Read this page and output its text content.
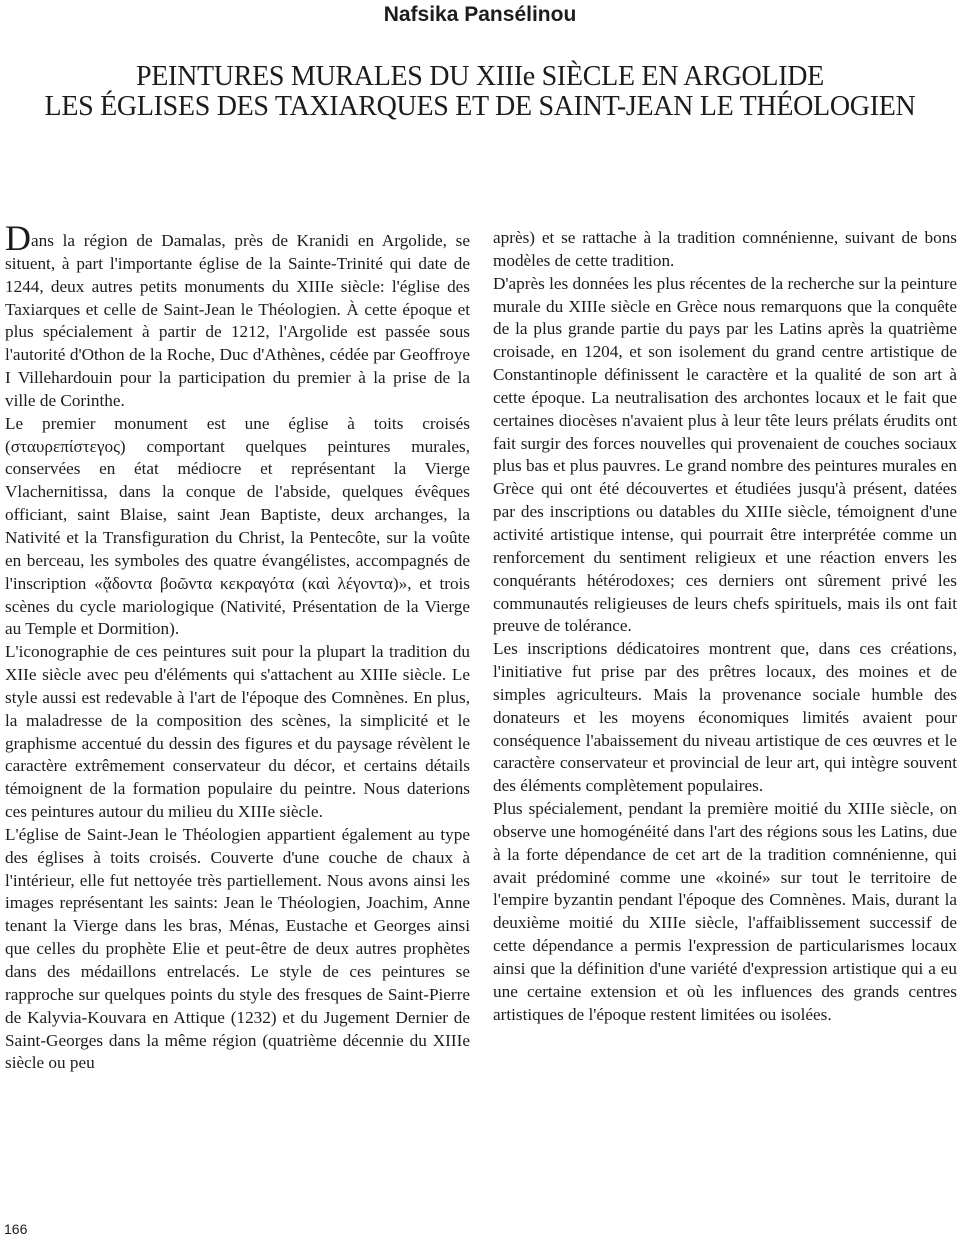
Nafsika Pansélinou
PEINTURES MURALES DU XIIIe SIÈCLE EN ARGOLIDE
LES ÉGLISES DES TAXIARQUES ET DE SAINT-JEAN LE THÉOLOGIEN

Dans la région de Damalas, près de Kranidi en Argolide, se situent, à part l'importante église de la Sainte-Trinité qui date de 1244, deux autres petits monuments du XIIIe siècle: l'église des Taxiarques et celle de Saint-Jean le Théologien. À cette époque et plus spécialement à partir de 1212, l'Argolide est passée sous l'autorité d'Othon de la Roche, Duc d'Athènes, cédée par Geoffroye I Villehardouin pour la participation du premier à la prise de la ville de Corinthe.

Le premier monument est une église à toits croisés (σταυρεπίστεγος) comportant quelques peintures murales, conservées en état médiocre et représentant la Vierge Vlachernitissa, dans la conque de l'abside, quelques évêques officiant, saint Blaise, saint Jean Baptiste, deux archanges, la Nativité et la Transfiguration du Christ, la Pentecôte, sur la voûte en berceau, les symboles des quatre évangélistes, accompagnés de l'inscription «ᾄδοντα βοῶντα κεκραγότα (καὶ λέγοντα)», et trois scènes du cycle mariologique (Nativité, Présentation de la Vierge au Temple et Dormition).

L'iconographie de ces peintures suit pour la plupart la tradition du XIIe siècle avec peu d'éléments qui s'attachent au XIIIe siècle. Le style aussi est redevable à l'art de l'époque des Comnènes. En plus, la maladresse de la composition des scènes, la simplicité et le graphisme accentué du dessin des figures et du paysage révèlent le caractère extrêmement conservateur du décor, et certains détails témoignent de la formation populaire du peintre. Nous daterions ces peintures autour du milieu du XIIIe siècle.

L'église de Saint-Jean le Théologien appartient également au type des églises à toits croisés. Couverte d'une couche de chaux à l'intérieur, elle fut nettoyée très partiellement. Nous avons ainsi les images représentant les saints: Jean le Théologien, Joachim, Anne tenant la Vierge dans les bras, Ménas, Eustache et Georges ainsi que celles du prophète Elie et peut-être de deux autres prophètes dans des médaillons entrelacés. Le style de ces peintures se rapproche sur quelques points du style des fresques de Saint-Pierre de Kalyvia-Kouvara en Attique (1232) et du Jugement Dernier de Saint-Georges dans la même région (quatrième décennie du XIIIe siècle ou peu

après) et se rattache à la tradition comnénienne, suivant de bons modèles de cette tradition.

D'après les données les plus récentes de la recherche sur la peinture murale du XIIIe siècle en Grèce nous remarquons que la conquête de la plus grande partie du pays par les Latins après la quatrième croisade, en 1204, et son isolement du grand centre artistique de Constantinople définissent le caractère et la qualité de son art à cette époque. La neutralisation des archontes locaux et le fait que certaines diocèses n'avaient plus à leur tête leurs prélats érudits ont fait surgir des forces nouvelles qui provenaient de couches sociaux plus bas et plus pauvres. Le grand nombre des peintures murales en Grèce qui ont été découvertes et étudiées jusqu'à présent, datées par des inscriptions ou datables du XIIIe siècle, témoignent d'une activité artistique intense, qui pourrait être interprétée comme un renforcement du sentiment religieux et une réaction envers les conquérants hétérodoxes; ces derniers ont sûrement privé les communautés religieuses de leurs chefs spirituels, mais ils ont fait preuve de tolérance.

Les inscriptions dédicatoires montrent que, dans ces créations, l'initiative fut prise par des prêtres locaux, des moines et de simples agriculteurs. Mais la provenance sociale humble des donateurs et les moyens économiques limités avaient pour conséquence l'abaissement du niveau artistique de ces œuvres et le caractère conservateur et provincial de leur art, qui intègre souvent des éléments complètement populaires.

Plus spécialement, pendant la première moitié du XIIIe siècle, on observe une homogénéité dans l'art des régions sous les Latins, due à la forte dépendance de cet art de la tradition comnénienne, qui avait prédominé comme une «koiné» sur tout le territoire de l'empire byzantin pendant l'époque des Comnènes. Mais, durant la deuxième moitié du XIIIe siècle, l'affaiblissement successif de cette dépendance a permis l'expression de particularismes locaux ainsi que la définition d'une variété d'expression artistique qui a eu une certaine extension et où les influences des grands centres artistiques de l'époque restent limitées ou isolées.

166
